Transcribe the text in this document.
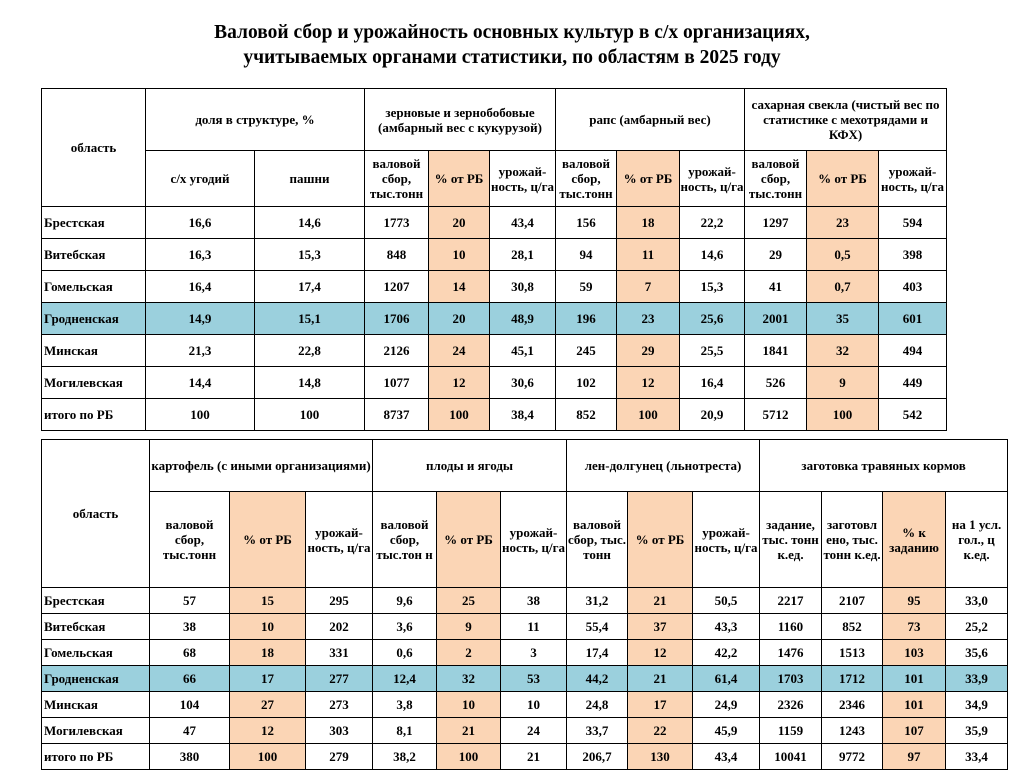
Валовой сбор и урожайность основных культур в с/х организациях,
учитываемых органами статистики, по областям в 2025 году
область	доля в структуре, %		зерновые и зернобобовые (амбарный вес с кукурузой)			рапс (амбарный вес)			сахарная свекла (чистый вес по статистике с мехотрядами и КФХ)		
	с/х угодий	пашни	валовой сбор, тыс.тонн	% от РБ	урожай-ность, ц/га	валовой сбор, тыс.тонн	% от РБ	урожай-ность, ц/га	валовой сбор, тыс.тонн	% от РБ	урожай-ность, ц/га
Брестская	16,6	14,6	1773	20	43,4	156	18	22,2	1297	23	594
Витебская	16,3	15,3	848	10	28,1	94	11	14,6	29	0,5	398
Гомельская	16,4	17,4	1207	14	30,8	59	7	15,3	41	0,7	403
Гродненская	14,9	15,1	1706	20	48,9	196	23	25,6	2001	35	601
Минская	21,3	22,8	2126	24	45,1	245	29	25,5	1841	32	494
Могилевская	14,4	14,8	1077	12	30,6	102	12	16,4	526	9	449
итого по РБ	100	100	8737	100	38,4	852	100	20,9	5712	100	542
область	картофель (с иными организациями)			плоды и ягоды			лен-долгунец (льнотреста)			заготовка травяных кормов			
	валовой сбор, тыс.тонн	% от РБ	урожай-ность, ц/га	валовой сбор, тыс.тон н	% от РБ	урожай-ность, ц/га	валовой сбор, тыс. тонн	% от РБ	урожай-ность, ц/га	задание, тыс. тонн к.ед.	заготовл ено, тыс. тонн к.ед.	% к заданию	на 1 усл. гол., ц к.ед.
Брестская	57	15	295	9,6	25	38	31,2	21	50,5	2217	2107	95	33,0
Витебская	38	10	202	3,6	9	11	55,4	37	43,3	1160	852	73	25,2
Гомельская	68	18	331	0,6	2	3	17,4	12	42,2	1476	1513	103	35,6
Гродненская	66	17	277	12,4	32	53	44,2	21	61,4	1703	1712	101	33,9
Минская	104	27	273	3,8	10	10	24,8	17	24,9	2326	2346	101	34,9
Могилевская	47	12	303	8,1	21	24	33,7	22	45,9	1159	1243	107	35,9
итого по РБ	380	100	279	38,2	100	21	206,7	130	43,4	10041	9772	97	33,4
